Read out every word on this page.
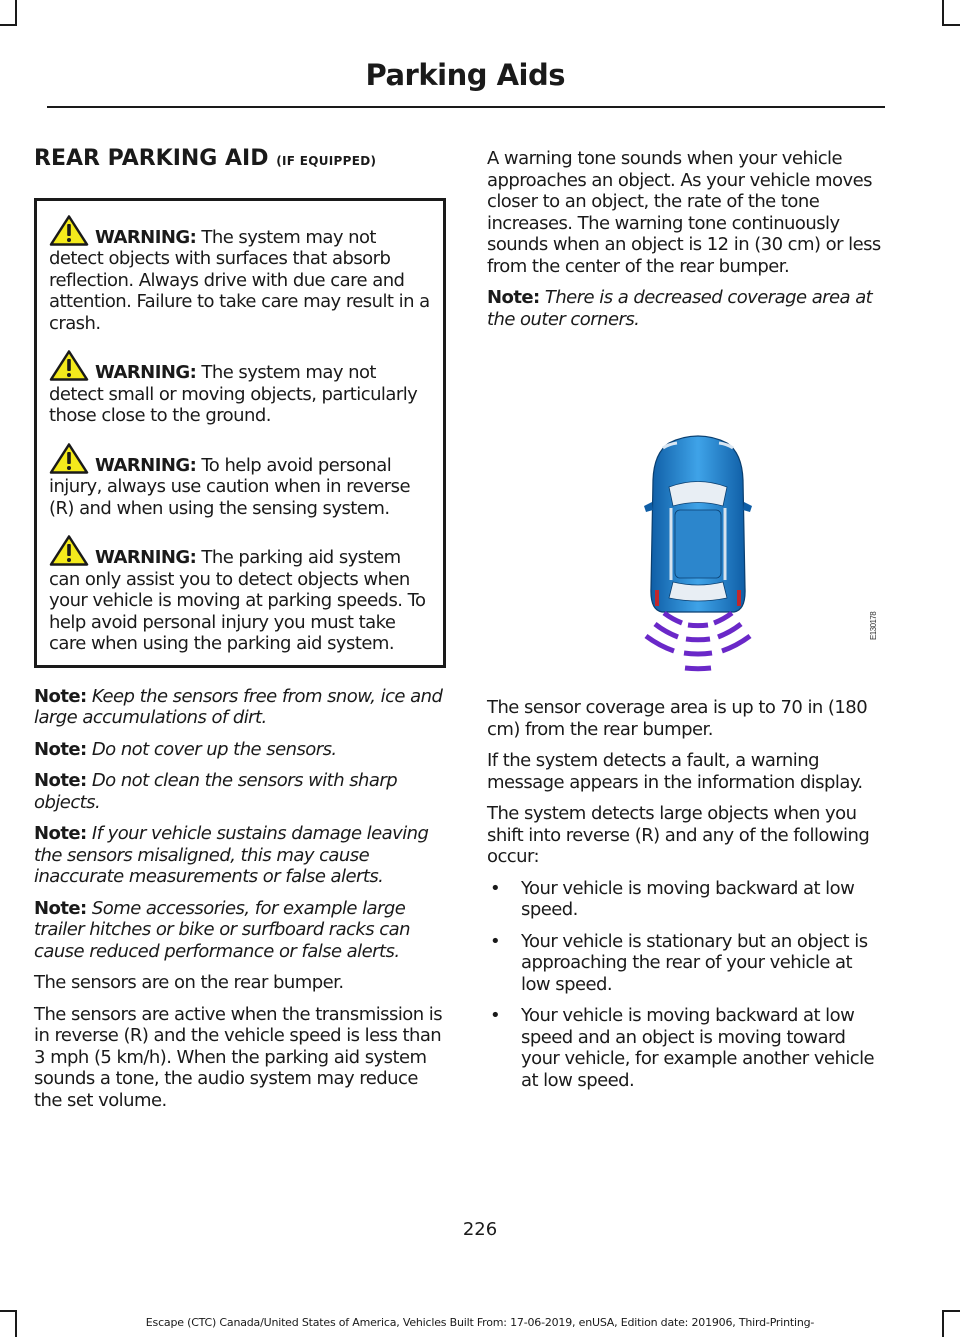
Parking Aids
REAR PARKING AID (IF EQUIPPED)
WARNING: The system may not detect objects with surfaces that absorb reflection. Always drive with due care and attention. Failure to take care may result in a crash.
WARNING: The system may not detect small or moving objects, particularly those close to the ground.
WARNING: To help avoid personal injury, always use caution when in reverse (R) and when using the sensing system.
WARNING: The parking aid system can only assist you to detect objects when your vehicle is moving at parking speeds. To help avoid personal injury you must take care when using the parking aid system.

Note: Keep the sensors free from snow, ice and large accumulations of dirt.

Note: Do not cover up the sensors.

Note: Do not clean the sensors with sharp objects.

Note: If your vehicle sustains damage leaving the sensors misaligned, this may cause inaccurate measurements or false alerts.

Note: Some accessories, for example large trailer hitches or bike or surfboard racks can cause reduced performance or false alerts.

The sensors are on the rear bumper.

The sensors are active when the transmission is in reverse (R) and the vehicle speed is less than 3 mph (5 km/h). When the parking aid system sounds a tone, the audio system may reduce the set volume.

A warning tone sounds when your vehicle approaches an object. As your vehicle moves closer to an object, the rate of the tone increases. The warning tone continuously sounds when an object is 12 in (30 cm) or less from the center of the rear bumper.

Note: There is a decreased coverage area at the outer corners.

E130178

The sensor coverage area is up to 70 in (180 cm) from the rear bumper.

If the system detects a fault, a warning message appears in the information display.

The system detects large objects when you shift into reverse (R) and any of the following occur:

• Your vehicle is moving backward at low speed.
• Your vehicle is stationary but an object is approaching the rear of your vehicle at low speed.
• Your vehicle is moving backward at low speed and an object is moving toward your vehicle, for example another vehicle at low speed.
226
Escape (CTC) Canada/United States of America, Vehicles Built From: 17-06-2019, enUSA, Edition date: 201906, Third-Printing-
